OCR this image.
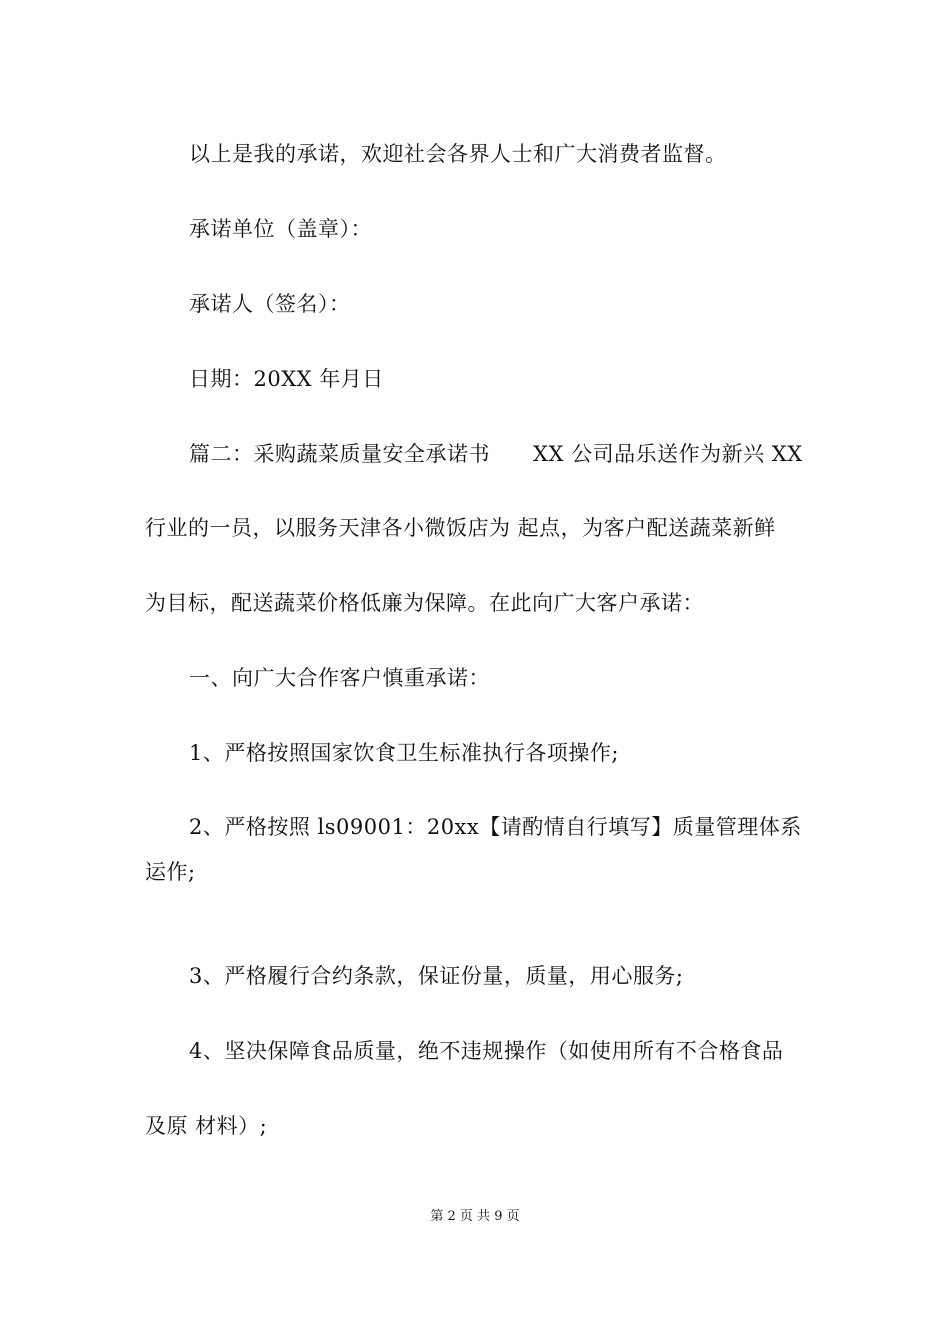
以上是我的承诺，欢迎社会各界人士和广大消费者监督。
承诺单位（盖章）：
承诺人（签名）：
日期：20XX 年月日
篇二：采购蔬菜质量安全承诺书　　XX 公司品乐送作为新兴 XX
行业的一员，以服务天津各小微饭店为 起点，为客户配送蔬菜新鲜
为目标，配送蔬菜价格低廉为保障。在此向广大客户承诺：
一、向广大合作客户慎重承诺：
1、严格按照国家饮食卫生标准执行各项操作;
2、严格按照 ls09001：20xx【请酌情自行填写】质量管理体系
运作;
3、严格履行合约条款，保证份量，质量，用心服务;
4、坚决保障食品质量，绝不违规操作（如使用所有不合格食品
及原 材料）;
第 2 页 共 9 页
